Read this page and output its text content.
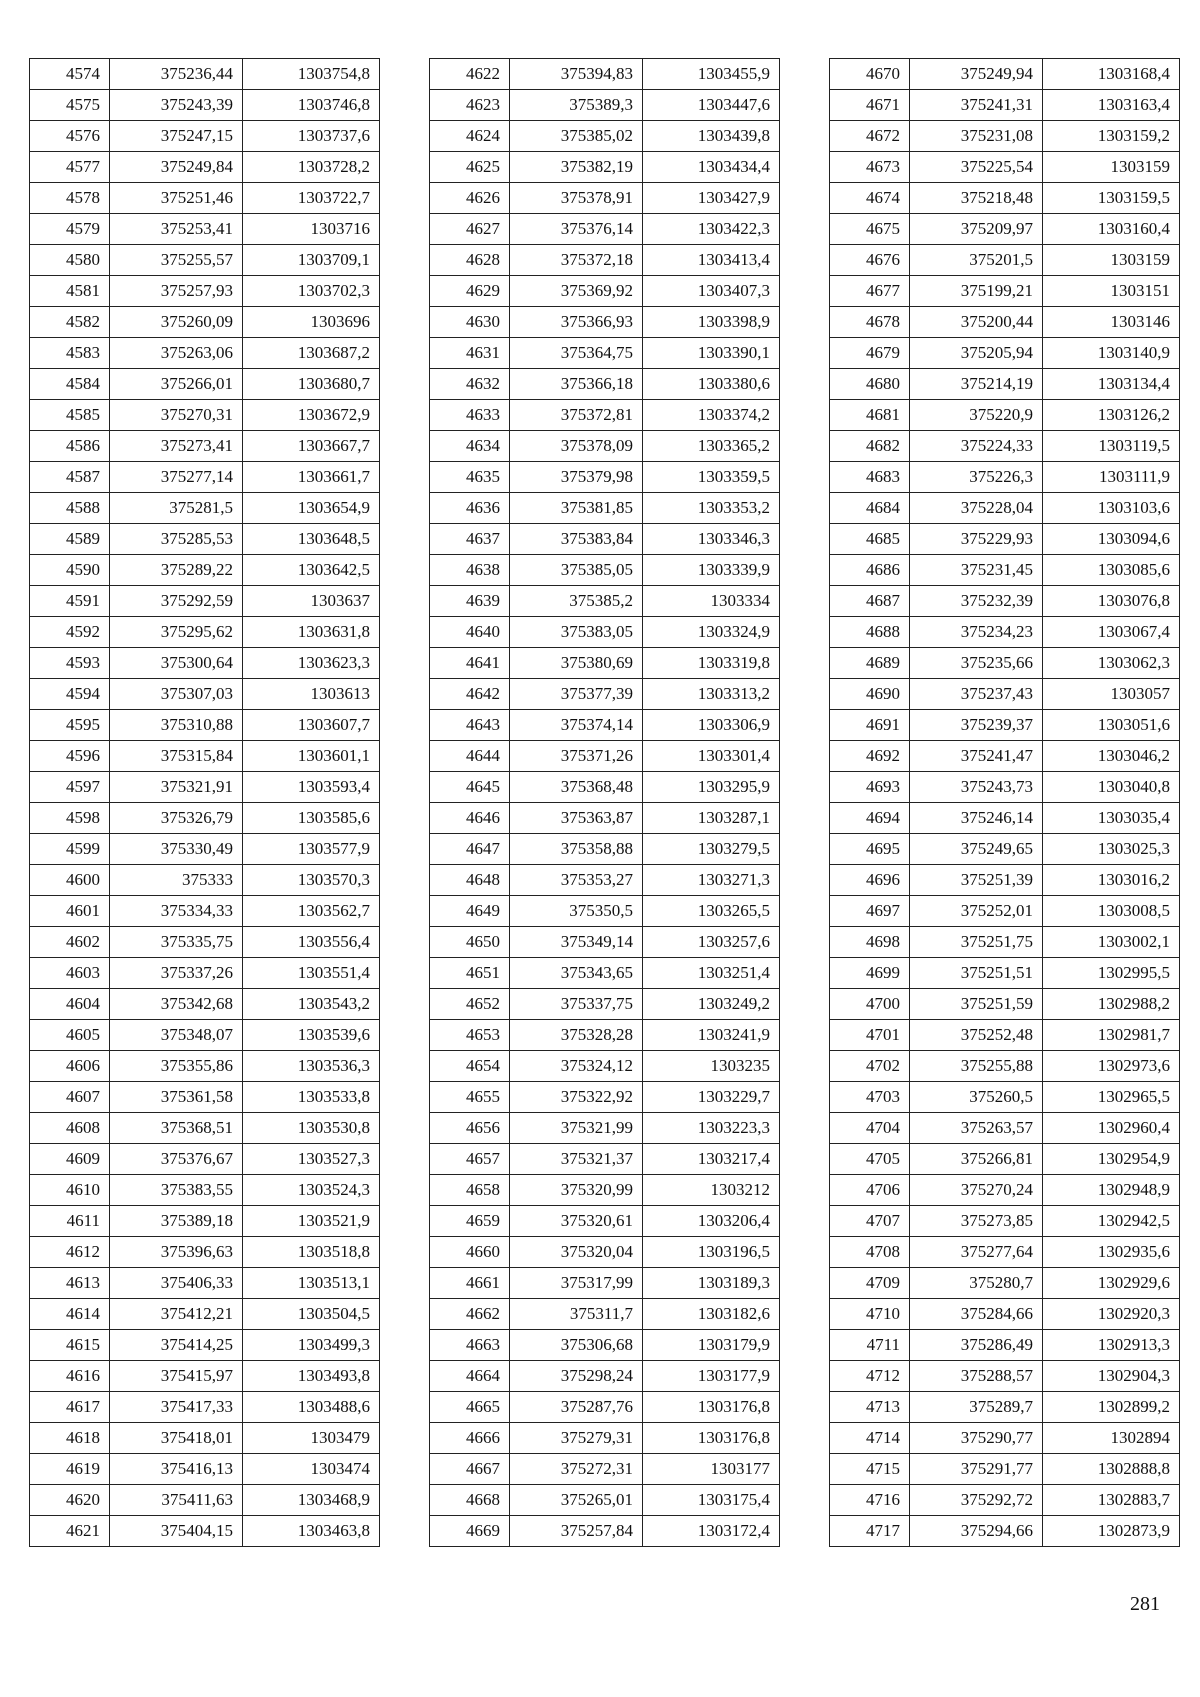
4574	375236,44	1303754,8
4575	375243,39	1303746,8
4576	375247,15	1303737,6
4577	375249,84	1303728,2
4578	375251,46	1303722,7
4579	375253,41	1303716
4580	375255,57	1303709,1
4581	375257,93	1303702,3
4582	375260,09	1303696
4583	375263,06	1303687,2
4584	375266,01	1303680,7
4585	375270,31	1303672,9
4586	375273,41	1303667,7
4587	375277,14	1303661,7
4588	375281,5	1303654,9
4589	375285,53	1303648,5
4590	375289,22	1303642,5
4591	375292,59	1303637
4592	375295,62	1303631,8
4593	375300,64	1303623,3
4594	375307,03	1303613
4595	375310,88	1303607,7
4596	375315,84	1303601,1
4597	375321,91	1303593,4
4598	375326,79	1303585,6
4599	375330,49	1303577,9
4600	375333	1303570,3
4601	375334,33	1303562,7
4602	375335,75	1303556,4
4603	375337,26	1303551,4
4604	375342,68	1303543,2
4605	375348,07	1303539,6
4606	375355,86	1303536,3
4607	375361,58	1303533,8
4608	375368,51	1303530,8
4609	375376,67	1303527,3
4610	375383,55	1303524,3
4611	375389,18	1303521,9
4612	375396,63	1303518,8
4613	375406,33	1303513,1
4614	375412,21	1303504,5
4615	375414,25	1303499,3
4616	375415,97	1303493,8
4617	375417,33	1303488,6
4618	375418,01	1303479
4619	375416,13	1303474
4620	375411,63	1303468,9
4621	375404,15	1303463,8
4622	375394,83	1303455,9
4623	375389,3	1303447,6
4624	375385,02	1303439,8
4625	375382,19	1303434,4
4626	375378,91	1303427,9
4627	375376,14	1303422,3
4628	375372,18	1303413,4
4629	375369,92	1303407,3
4630	375366,93	1303398,9
4631	375364,75	1303390,1
4632	375366,18	1303380,6
4633	375372,81	1303374,2
4634	375378,09	1303365,2
4635	375379,98	1303359,5
4636	375381,85	1303353,2
4637	375383,84	1303346,3
4638	375385,05	1303339,9
4639	375385,2	1303334
4640	375383,05	1303324,9
4641	375380,69	1303319,8
4642	375377,39	1303313,2
4643	375374,14	1303306,9
4644	375371,26	1303301,4
4645	375368,48	1303295,9
4646	375363,87	1303287,1
4647	375358,88	1303279,5
4648	375353,27	1303271,3
4649	375350,5	1303265,5
4650	375349,14	1303257,6
4651	375343,65	1303251,4
4652	375337,75	1303249,2
4653	375328,28	1303241,9
4654	375324,12	1303235
4655	375322,92	1303229,7
4656	375321,99	1303223,3
4657	375321,37	1303217,4
4658	375320,99	1303212
4659	375320,61	1303206,4
4660	375320,04	1303196,5
4661	375317,99	1303189,3
4662	375311,7	1303182,6
4663	375306,68	1303179,9
4664	375298,24	1303177,9
4665	375287,76	1303176,8
4666	375279,31	1303176,8
4667	375272,31	1303177
4668	375265,01	1303175,4
4669	375257,84	1303172,4
4670	375249,94	1303168,4
4671	375241,31	1303163,4
4672	375231,08	1303159,2
4673	375225,54	1303159
4674	375218,48	1303159,5
4675	375209,97	1303160,4
4676	375201,5	1303159
4677	375199,21	1303151
4678	375200,44	1303146
4679	375205,94	1303140,9
4680	375214,19	1303134,4
4681	375220,9	1303126,2
4682	375224,33	1303119,5
4683	375226,3	1303111,9
4684	375228,04	1303103,6
4685	375229,93	1303094,6
4686	375231,45	1303085,6
4687	375232,39	1303076,8
4688	375234,23	1303067,4
4689	375235,66	1303062,3
4690	375237,43	1303057
4691	375239,37	1303051,6
4692	375241,47	1303046,2
4693	375243,73	1303040,8
4694	375246,14	1303035,4
4695	375249,65	1303025,3
4696	375251,39	1303016,2
4697	375252,01	1303008,5
4698	375251,75	1303002,1
4699	375251,51	1302995,5
4700	375251,59	1302988,2
4701	375252,48	1302981,7
4702	375255,88	1302973,6
4703	375260,5	1302965,5
4704	375263,57	1302960,4
4705	375266,81	1302954,9
4706	375270,24	1302948,9
4707	375273,85	1302942,5
4708	375277,64	1302935,6
4709	375280,7	1302929,6
4710	375284,66	1302920,3
4711	375286,49	1302913,3
4712	375288,57	1302904,3
4713	375289,7	1302899,2
4714	375290,77	1302894
4715	375291,77	1302888,8
4716	375292,72	1302883,7
4717	375294,66	1302873,9
281
